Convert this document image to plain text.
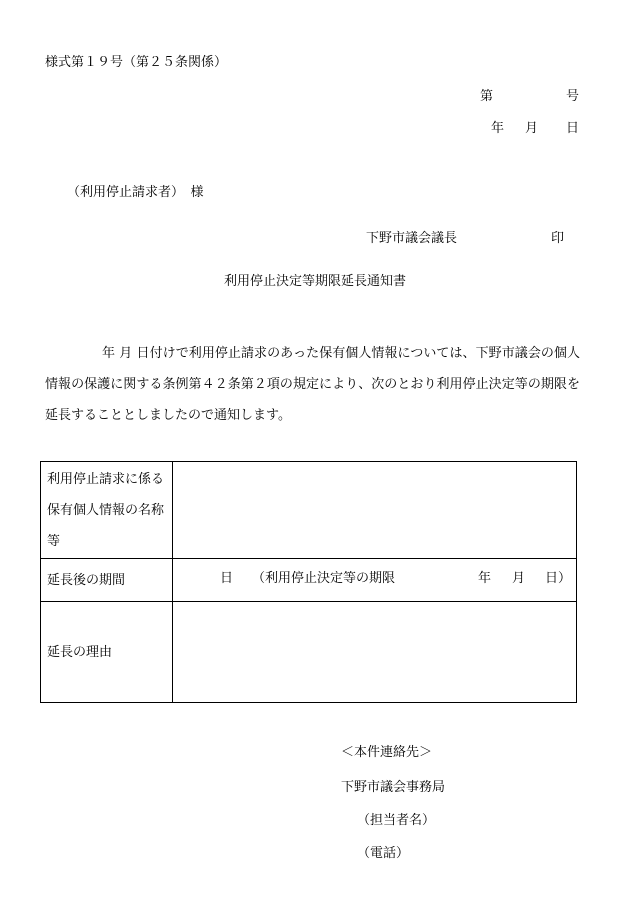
様式第１９号（第２５条関係）
第	号
年 月 日
（利用停止請求者）　様
下野市議会議長	印
利用停止決定等期限延長通知書
年 月 日付けで利用停止請求のあった保有個人情報については、下野市議会の個人情報の保護に関する条例第４２条第２項の規定により、次のとおり利用停止決定等の期限を延長することとしましたので通知します。
利用停止請求に係る保有個人情報の名称等	
延長後の期間	日 （利用停止決定等の期限 年 月 日）

延長の理由	
＜本件連絡先＞
下野市議会事務局
（担当者名）
（電話）
